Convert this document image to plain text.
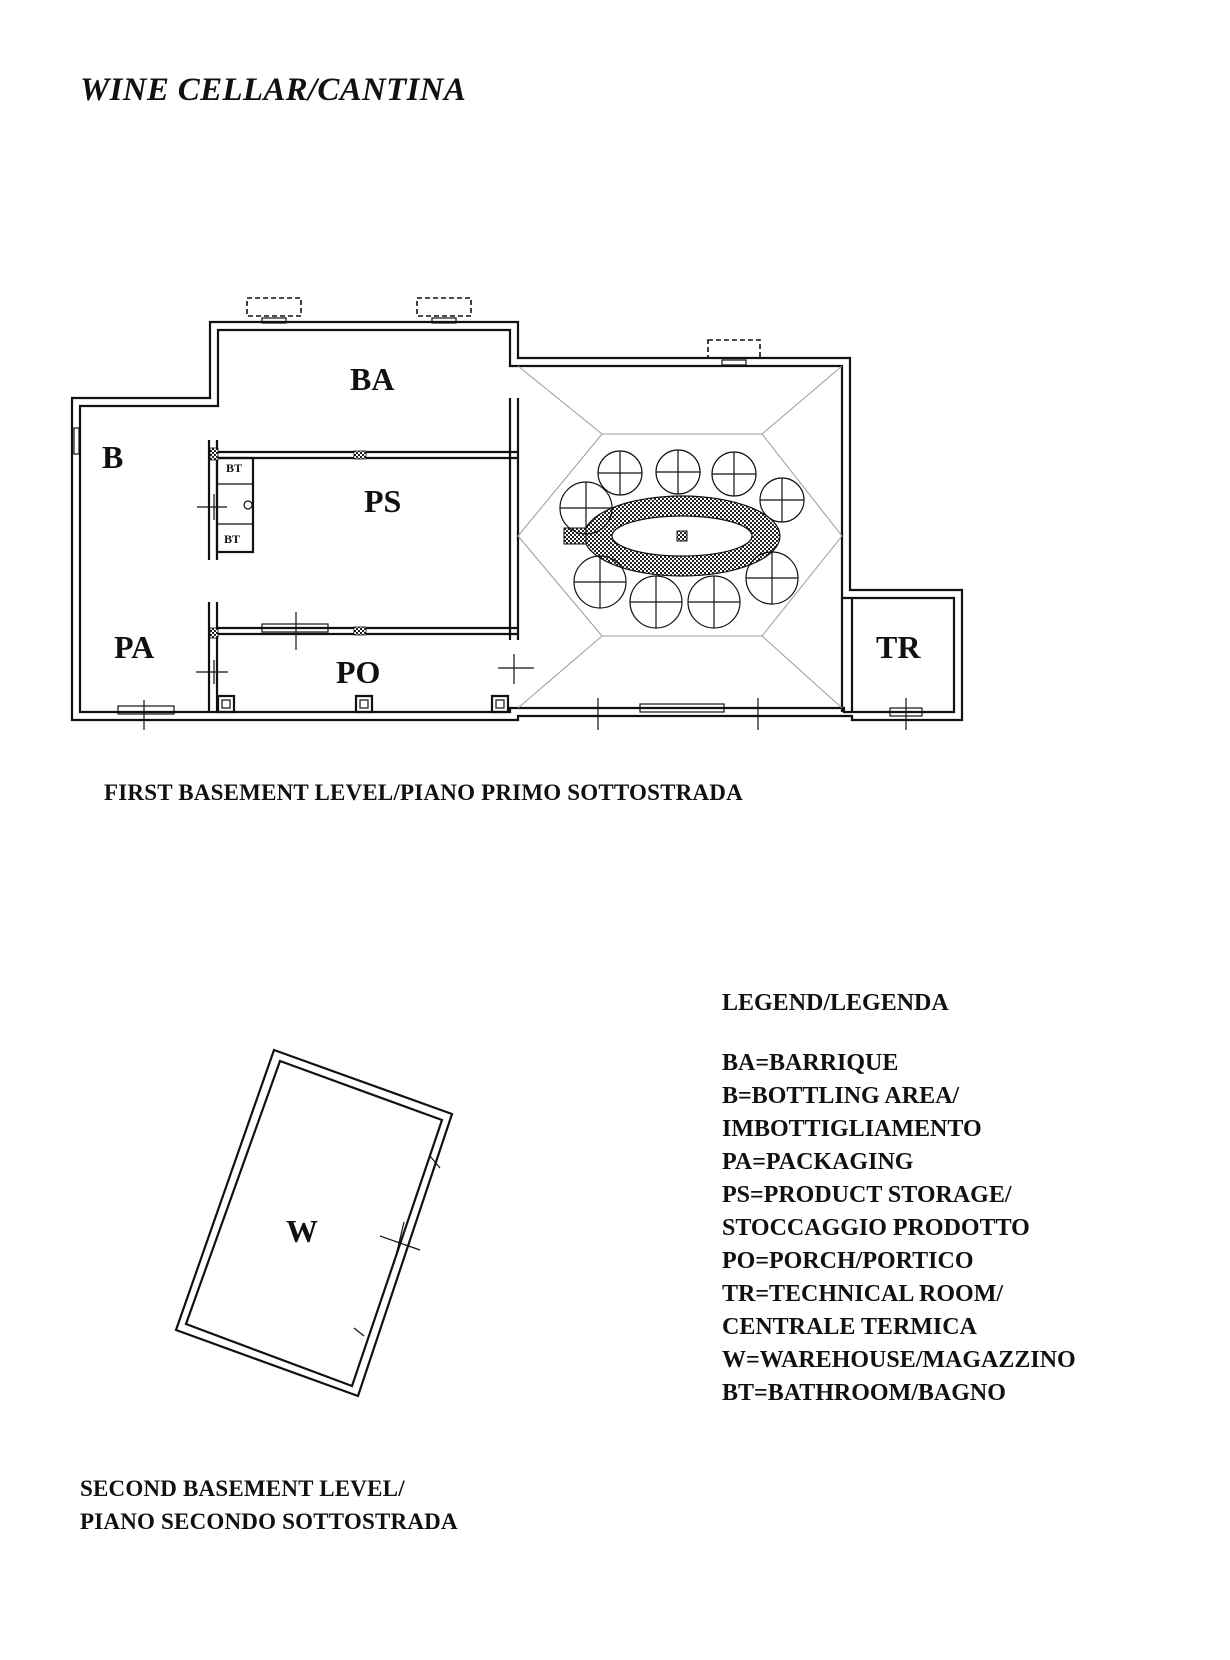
WINE CELLAR/CANTINA
BT
BT
BA
B
PS
PA
PO
TR
W
FIRST BASEMENT LEVEL/PIANO PRIMO SOTTOSTRADA
SECOND BASEMENT LEVEL/
PIANO SECONDO SOTTOSTRADA
LEGEND/LEGENDA
BA=BARRIQUE
B=BOTTLING AREA/
IMBOTTIGLIAMENTO
PA=PACKAGING
PS=PRODUCT STORAGE/
STOCCAGGIO PRODOTTO
PO=PORCH/PORTICO
TR=TECHNICAL ROOM/
CENTRALE TERMICA
W=WAREHOUSE/MAGAZZINO
BT=BATHROOM/BAGNO
